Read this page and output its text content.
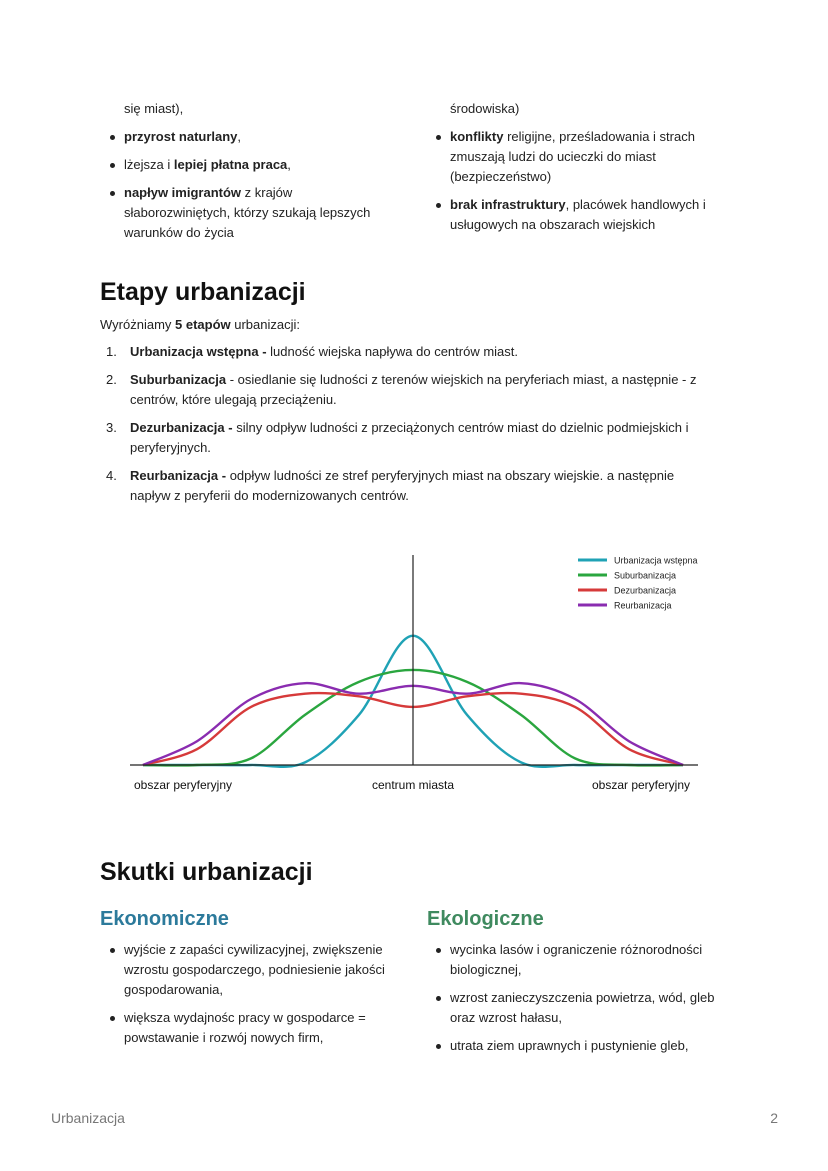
się miast),
przyrost naturlany,
lżejsza i lepiej płatna praca,
napływ imigrantów z krajów słaborozwiniętych, którzy szukają lepszych warunków do życia
środowiska)
konflikty religijne, prześladowania i strach zmuszają ludzi do ucieczki do miast (bezpieczeństwo)
brak infrastruktury, placówek handlowych i usługowych na obszarach wiejskich
Etapy urbanizacji
Wyróżniamy 5 etapów urbanizacji:
1. Urbanizacja wstępna - ludność wiejska napływa do centrów miast.
2. Suburbanizacja - osiedlanie się ludności z terenów wiejskich na peryferiach miast, a następnie - z centrów, które ulegają przeciążeniu.
3. Dezurbanizacja - silny odpływ ludności z przeciążonych centrów miast do dzielnic podmiejskich i peryferyjnych.
4. Reurbanizacja - odpływ ludności ze stref peryferyjnych miast na obszary wiejskie. a następnie napływ z peryferii do modernizowanych centrów.
obszar peryferyjny	centrum miasta	obszar peryferyjny
Urbanizacja wstępna
Suburbanizacja
Dezurbanizacja
Reurbanizacja
Skutki urbanizacji
Ekonomiczne
wyjście z zapaści cywilizacyjnej, zwiększenie wzrostu gospodarczego, podniesienie jakości gospodarowania,
większa wydajnośc pracy w gospodarce = powstawanie i rozwój nowych firm,
Ekologiczne
wycinka lasów i ograniczenie różnorodności biologicznej,
wzrost zanieczyszczenia powietrza, wód, gleb oraz wzrost hałasu,
utrata ziem uprawnych i pustynienie gleb,
Urbanizacja	2
